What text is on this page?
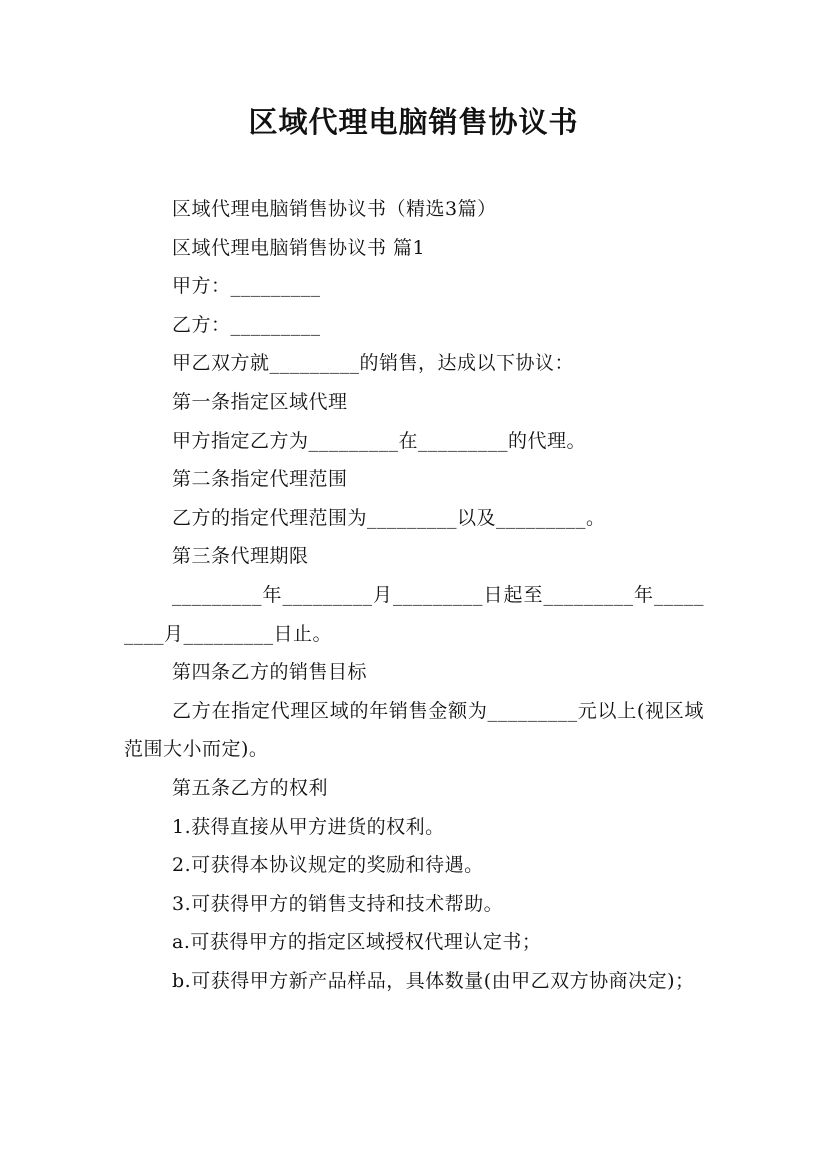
区域代理电脑销售协议书

区域代理电脑销售协议书（精选3篇）

区域代理电脑销售协议书 篇1

甲方：_________

乙方：_________

甲乙双方就_________的销售，达成以下协议：

第一条指定区域代理

甲方指定乙方为_________在_________的代理。

第二条指定代理范围

乙方的指定代理范围为_________以及_________。

第三条代理期限

_________年_________月_________日起至_________年_________月_________日止。

第四条乙方的销售目标

乙方在指定代理区域的年销售金额为_________元以上(视区域范围大小而定)。

第五条乙方的权利

1.获得直接从甲方进货的权利。

2.可获得本协议规定的奖励和待遇。

3.可获得甲方的销售支持和技术帮助。

a.可获得甲方的指定区域授权代理认定书；

b.可获得甲方新产品样品，具体数量(由甲乙双方协商决定)；
